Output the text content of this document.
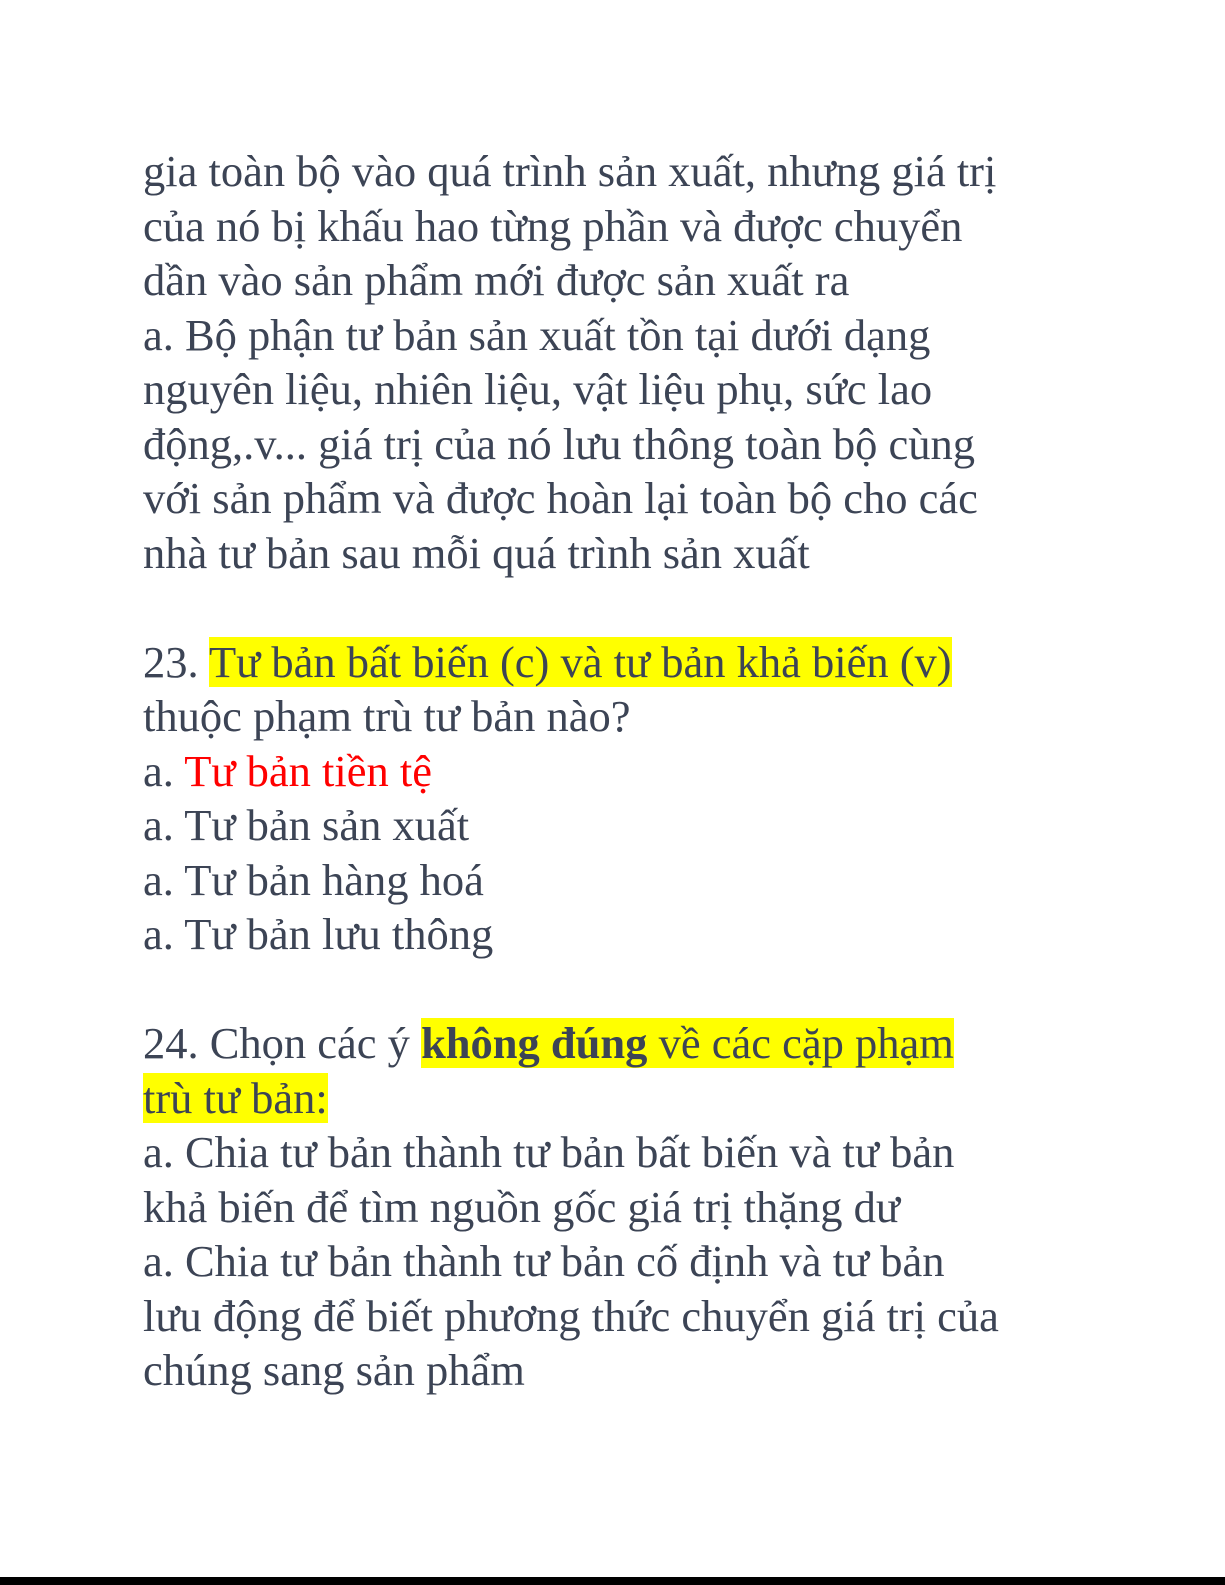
gia toàn bộ vào quá trình sản xuất, nhưng giá trị
của nó bị khấu hao từng phần và được chuyển
dần vào sản phẩm mới được sản xuất ra
a. Bộ phận tư bản sản xuất tồn tại dưới dạng
nguyên liệu, nhiên liệu, vật liệu phụ, sức lao
động,.v... giá trị của nó lưu thông toàn bộ cùng
với sản phẩm và được hoàn lại toàn bộ cho các
nhà tư bản sau mỗi quá trình sản xuất
23. Tư bản bất biến (c) và tư bản khả biến (v)
thuộc phạm trù tư bản nào?
a. Tư bản tiền tệ
a. Tư bản sản xuất
a. Tư bản hàng hoá
a. Tư bản lưu thông
24. Chọn các ý không đúng về các cặp phạm
trù tư bản:
a. Chia tư bản thành tư bản bất biến và tư bản
khả biến để tìm nguồn gốc giá trị thặng dư
a. Chia tư bản thành tư bản cố định và tư bản
lưu động để biết phương thức chuyển giá trị của
chúng sang sản phẩm
